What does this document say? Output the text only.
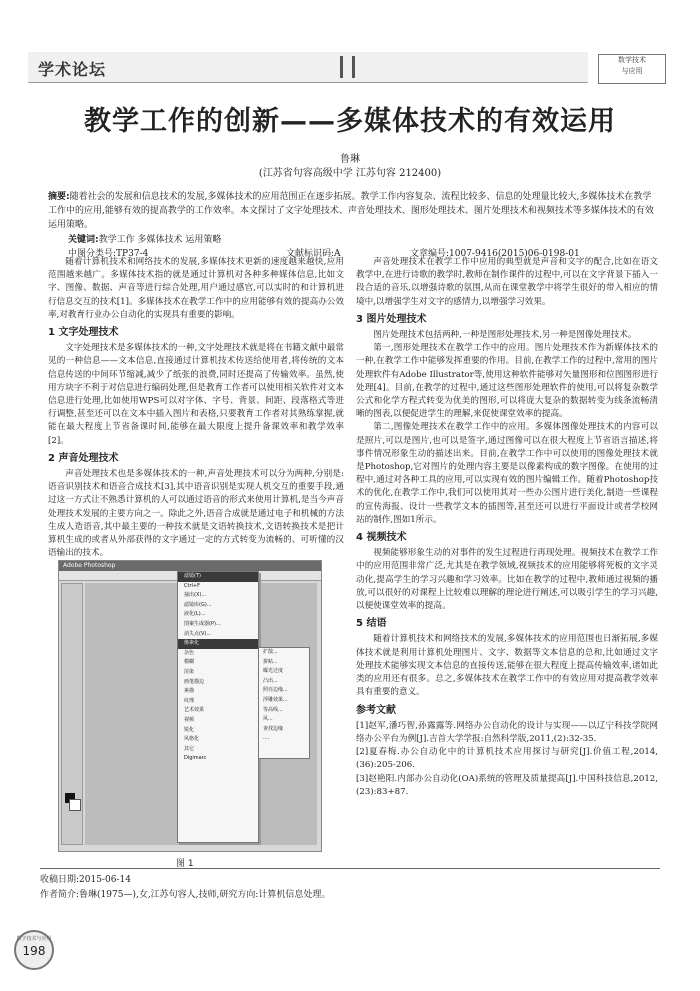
学术论坛	数学技术
与应用
教学工作的创新——多媒体技术的有效运用
鲁琳
(江苏省句容高级中学 江苏句容 212400)
摘要:随着社会的发展和信息技术的发展,多媒体技术的应用范围正在逐步拓展。教学工作内容复杂、流程比较多、信息的处理量比较大,多媒体技术在教学工作中的应用,能够有效的提高教学的工作效率。本文探讨了文字处理技术、声音处理技术、图形处理技术、图片处理技术和视频技术等多媒体技术的有效运用策略。
关键词:教学工作 多媒体技术 运用策略
中图分类号:TP37-4	文献标识码:A	文章编号:1007-9416(2015)06-0198-01

随着计算机技术和网络技术的发展,多媒体技术更新的速度越来越快,应用范围越来越广。多媒体技术指的就是通过计算机对各种多种媒体信息,比如文字、图像、数据、声音等进行综合处理,用户通过感官,可以实时的和计算机进行信息交互的技术[1]。多媒体技术在教学工作中的应用能够有效的提高办公效率,对教育行业办公自动化的实现具有重要的影响。

1 文字处理技术

文字处理技术是多媒体技术的一种,文字处理技术就是将在书籍文献中最常见的一种信息——文本信息,直接通过计算机技术传送给使用者,将传统的文本信息传送的中间环节缩减,减少了纸张的浪费,同时还提高了传输效率。虽然,使用方块字不利于对信息进行编码处理,但是教育工作者可以使用相关软件对文本信息进行处理,比如使用WPS可以对字体、字号、背景、间距、段落格式等进行调整,甚至还可以在文本中插入图片和表格,只要教育工作者对其熟练掌握,就能在最大程度上节省备课时间,能够在最大限度上提升备课效率和教学效率[2]。

2 声音处理技术

声音处理技术也是多媒体技术的一种,声音处理技术可以分为两种,分别是:语音识别技术和语音合成技术[3],其中语音识别是实现人机交互的重要手段,通过这一方式让不熟悉计算机的人可以通过语音的形式来使用计算机,是当今声音处理技术发展的主要方向之一。除此之外,语音合成就是通过电子和机械的方法生成人造语音,其中最主要的一种技术就是文语转换技术,文语转换技术是把计算机生成的或者从外部获得的文字通过一定的方式转变为流畅的、可听懂的汉语输出的技术。

Adobe Photoshop
滤镜(T)
Ctrl+F
抽出(X)...
滤镜库(G)...
液化(L)...
图案生成器(P)...
消失点(V)...
像素化
杂色
模糊
渲染
画笔描边
素描
纹理
艺术效果
视频
锐化
风格化
其它
Digimarc
扩散...
拼贴...
曝光过度
凸出...
照亮边缘...
浮雕效果...
等高线...
风...
查找边缘
....
图 1

声音处理技术在教学工作中应用的典型就是声音和文字的配合,比如在语文教学中,在进行诗歌的教学时,教师在制作课件的过程中,可以在文字背景下插入一段合适的音乐,以增强诗歌的氛围,从而在课堂教学中将学生很好的带入相应的情境中,以增强学生对文字的感情力,以增强学习效果。

3 图片处理技术

图片处理技术包括两种,一种是图形处理技术,另一种是图像处理技术。

第一,图形处理技术在教学工作中的应用。图片处理技术作为新媒体技术的一种,在教学工作中能够发挥重要的作用。目前,在教学工作的过程中,常用的图片处理软件有Adobe Illustrator等,使用这种软件能够对矢量图形和位图图形进行处理[4]。目前,在教学的过程中,通过这些图形处理软件的使用,可以将复杂数学公式和化学方程式转变为优美的图形,可以将庞大复杂的数据转变为线条流畅清晰的图表,以便促进学生的理解,来促使课堂效率的提高。

第二,图像处理技术在教学工作中的应用。多媒体图像处理技术的内容可以是照片,可以是图片,也可以是签字,通过图像可以在很大程度上节省语言描述,将事件情况形象生动的描述出来。目前,在教学工作中可以使用的图像处理技术就是Photoshop,它对图片的处理内容主要是以像素构成的数字图像。在使用的过程中,通过对各种工具的应用,可以实现有效的图片编辑工作。随着Photoshop技术的优化,在教学工作中,我们可以使用其对一些办公图片进行美化,制造一些课程的宣传海报、设计一些教学文本的插图等,甚至还可以进行平面设计或者学校网站的制作,图如1所示。

4 视频技术

视频能够形象生动的对事件的发生过程进行再现处理。视频技术在教学工作中的应用范围非常广泛,尤其是在教学领域,视频技术的应用能够将死板的文字灵动化,提高学生的学习兴趣和学习效率。比如在教学的过程中,教师通过视频的播放,可以很好的对课程上比较难以理解的理论进行阐述,可以吸引学生的学习兴趣,以便使课堂效率的提高。

5 结语

随着计算机技术和网络技术的发展,多媒体技术的应用范围也日渐拓展,多媒体技术就是利用计算机处理图片、文字、数据等文本信息的总和,比如通过文字处理技术能够实现文本信息的直接传送,能够在很大程度上提高传输效率,诸如此类的应用还有很多。总之,多媒体技术在教学工作中的有效应用对提高教学效率具有重要的意义。

参考文献
[1]赵军,潘巧智,孙露露等.网络办公自动化的设计与实现——以辽宁科技学院网络办公平台为例[J].吉首大学学报:自然科学版,2011,(2):32-35.
[2]夏春梅.办公自动化中的计算机技术应用探讨与研究[J].价值工程,2014,(36):205-206.
[3]赵艳阳.内部办公自动化(OA)系统的管理及质量提高[J].中国科技信息,2012,(23):83+87.
收稿日期:2015-06-14
作者简介:鲁琳(1975—),女,江苏句容人,技师,研究方向:计算机信息处理。
数字技术与应用
198
